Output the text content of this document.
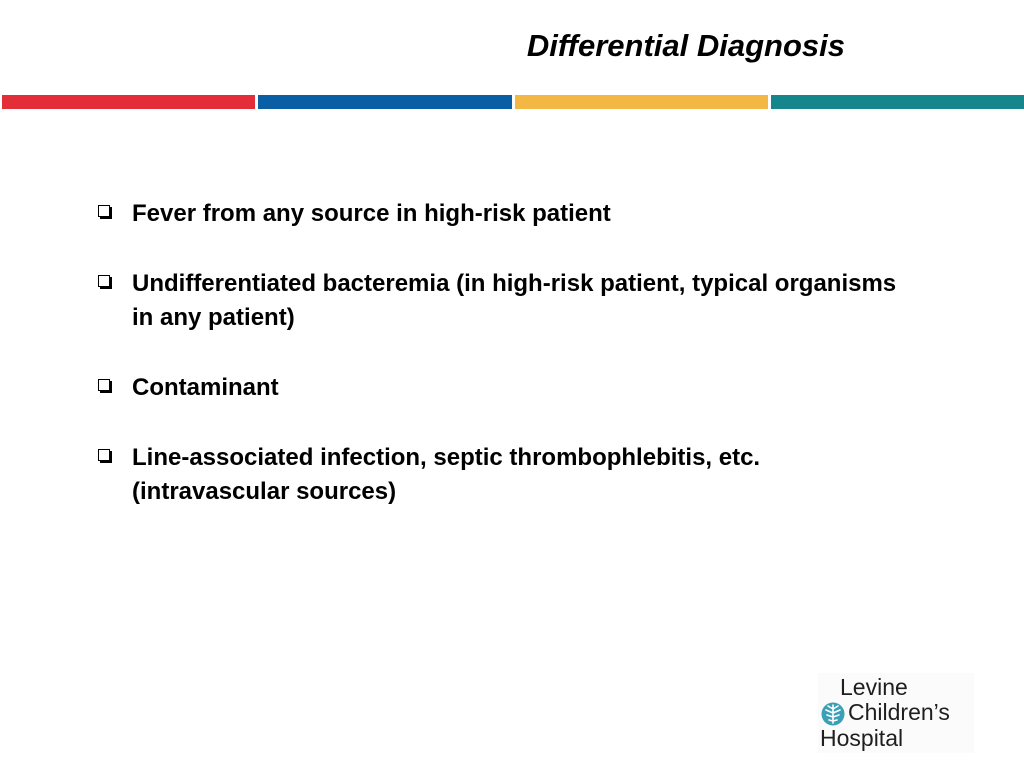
Differential Diagnosis
Fever from any source in high-risk patient
Undifferentiated bacteremia (in high-risk patient, typical organisms in any patient)
Contaminant
Line-associated infection, septic thrombophlebitis, etc. (intravascular sources)
Levine
Children’s
Hospital
